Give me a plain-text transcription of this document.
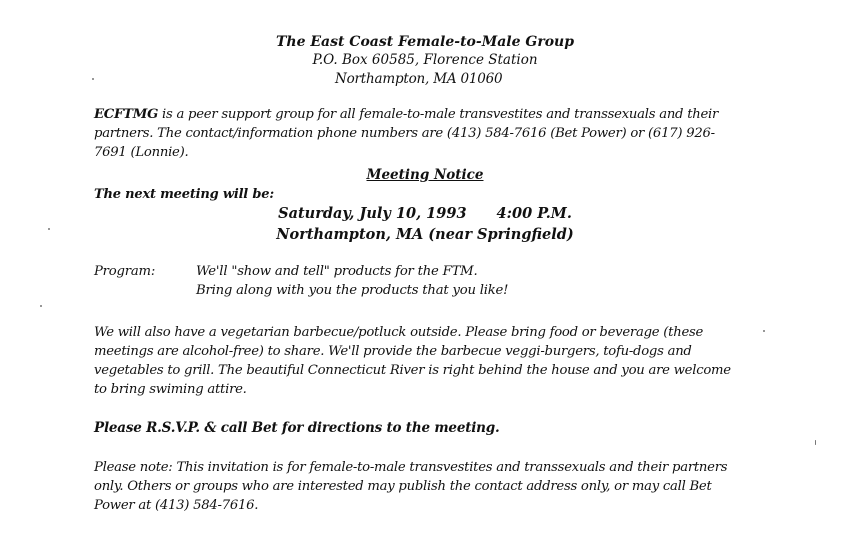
The East Coast Female-to-Male Group
P.O. Box 60585, Florence Station
Northampton, MA 01060
ECFTMG is a peer support group for all female-to-male transvestites and transsexuals and their partners. The contact/information phone numbers are (413) 584-7616 (Bet Power) or (617) 926-7691 (Lonnie).
Meeting Notice
The next meeting will be:
Saturday, July 10, 1993 4:00 P.M.
Northampton, MA (near Springfield)
Program:	We'll "show and tell" products for the FTM.
Bring along with you the products that you like!
We will also have a vegetarian barbecue/potluck outside. Please bring food or beverage (these meetings are alcohol-free) to share. We'll provide the barbecue veggi-burgers, tofu-dogs and vegetables to grill. The beautiful Connecticut River is right behind the house and you are welcome to bring swiming attire.
Please R.S.V.P. & call Bet for directions to the meeting.
Please note: This invitation is for female-to-male transvestites and transsexuals and their partners only. Others or groups who are interested may publish the contact address only, or may call Bet Power at (413) 584-7616.
